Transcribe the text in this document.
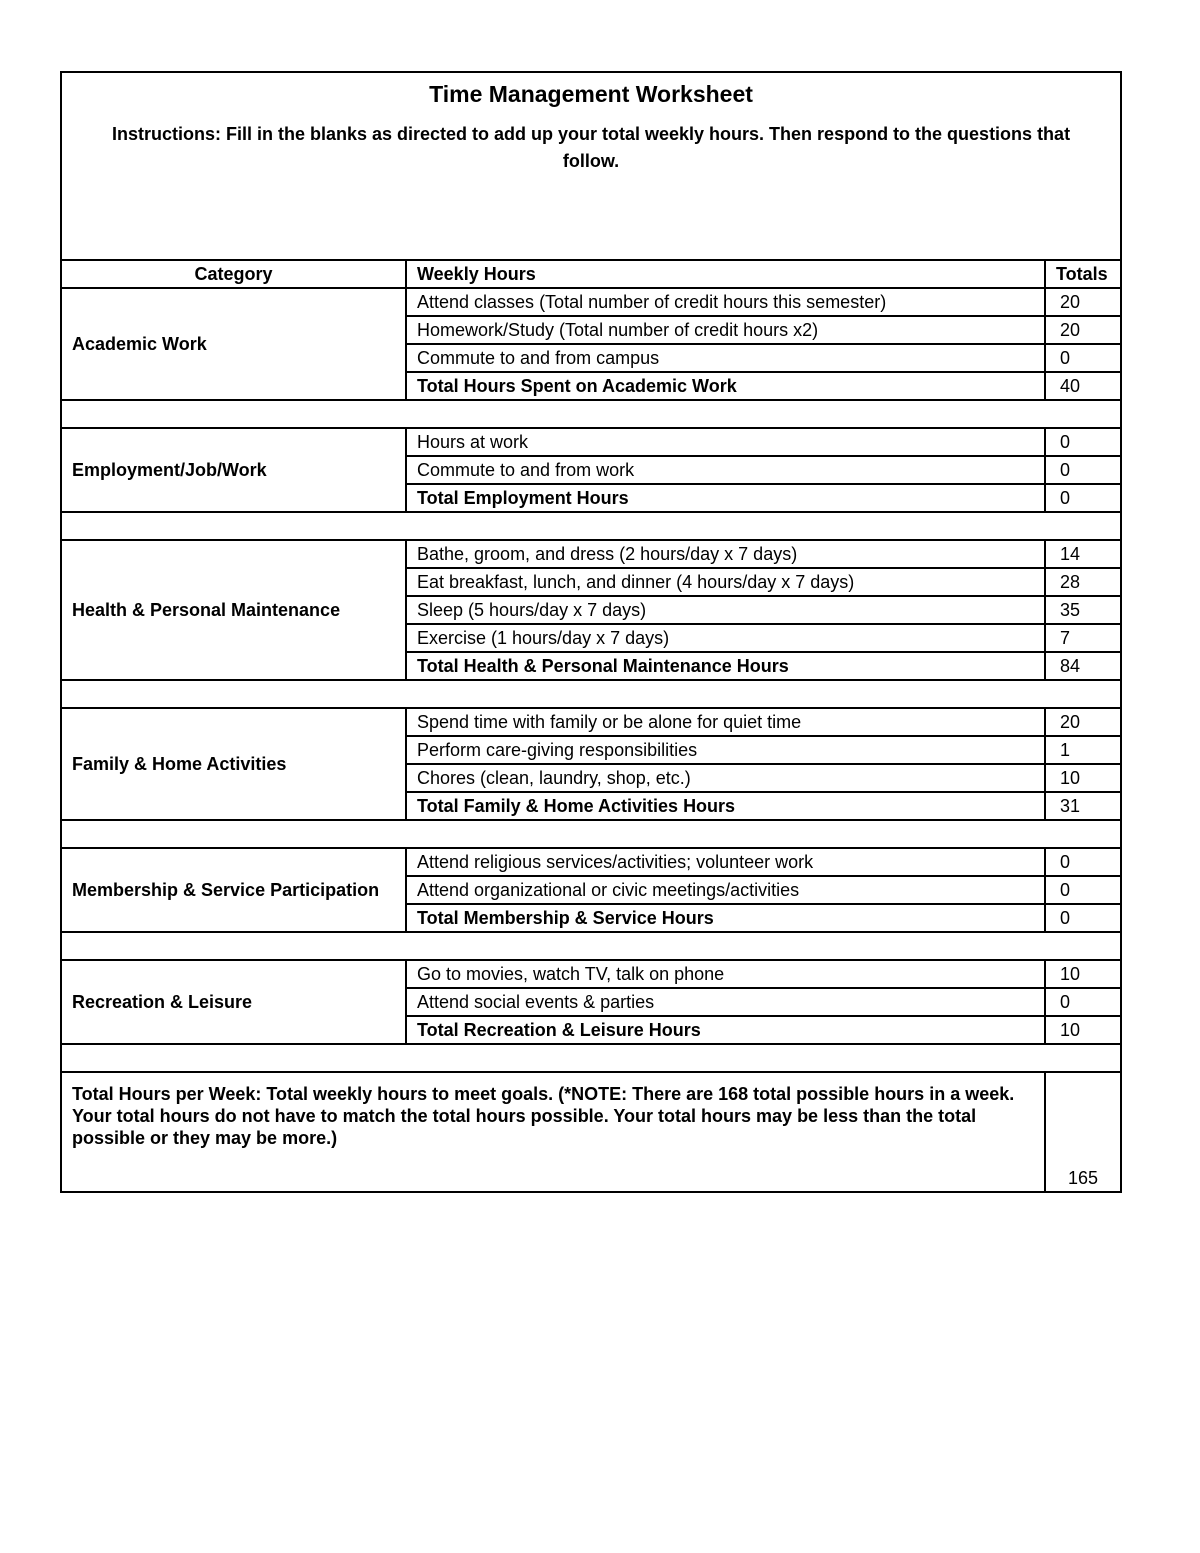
Time Management Worksheet
Instructions: Fill in the blanks as directed to add up your total weekly hours. Then respond to the questions that follow.		

Category	Weekly Hours	Totals
Academic Work	Attend classes (Total number of credit hours this semester)	20
	Homework/Study (Total number of credit hours x2)	20
	Commute to and from campus	0
	Total Hours Spent on Academic Work	40

Employment/Job/Work	Hours at work	0
	Commute to and from work	0
	Total Employment Hours	0

Health & Personal Maintenance	Bathe, groom, and dress (2 hours/day x 7 days)	14
	Eat breakfast, lunch, and dinner (4 hours/day x 7 days)	28
	Sleep (5 hours/day x 7 days)	35
	Exercise (1 hours/day x 7 days)	7
	Total Health & Personal Maintenance Hours	84

Family & Home Activities	Spend time with family or be alone for quiet time	20
	Perform care-giving responsibilities	1
	Chores (clean, laundry, shop, etc.)	10
	Total Family & Home Activities Hours	31

Membership & Service Participation	Attend religious services/activities; volunteer work	0
	Attend organizational or civic meetings/activities	0
	Total Membership & Service Hours	0

Recreation & Leisure	Go to movies, watch TV, talk on phone	10
	Attend social events & parties	0
	Total Recreation & Leisure Hours	10

Total Hours per Week: Total weekly hours to meet goals. (*NOTE: There are 168 total possible hours in a week. Your total hours do not have to match the total hours possible. Your total hours may be less than the total possible or they may be more.)		165
